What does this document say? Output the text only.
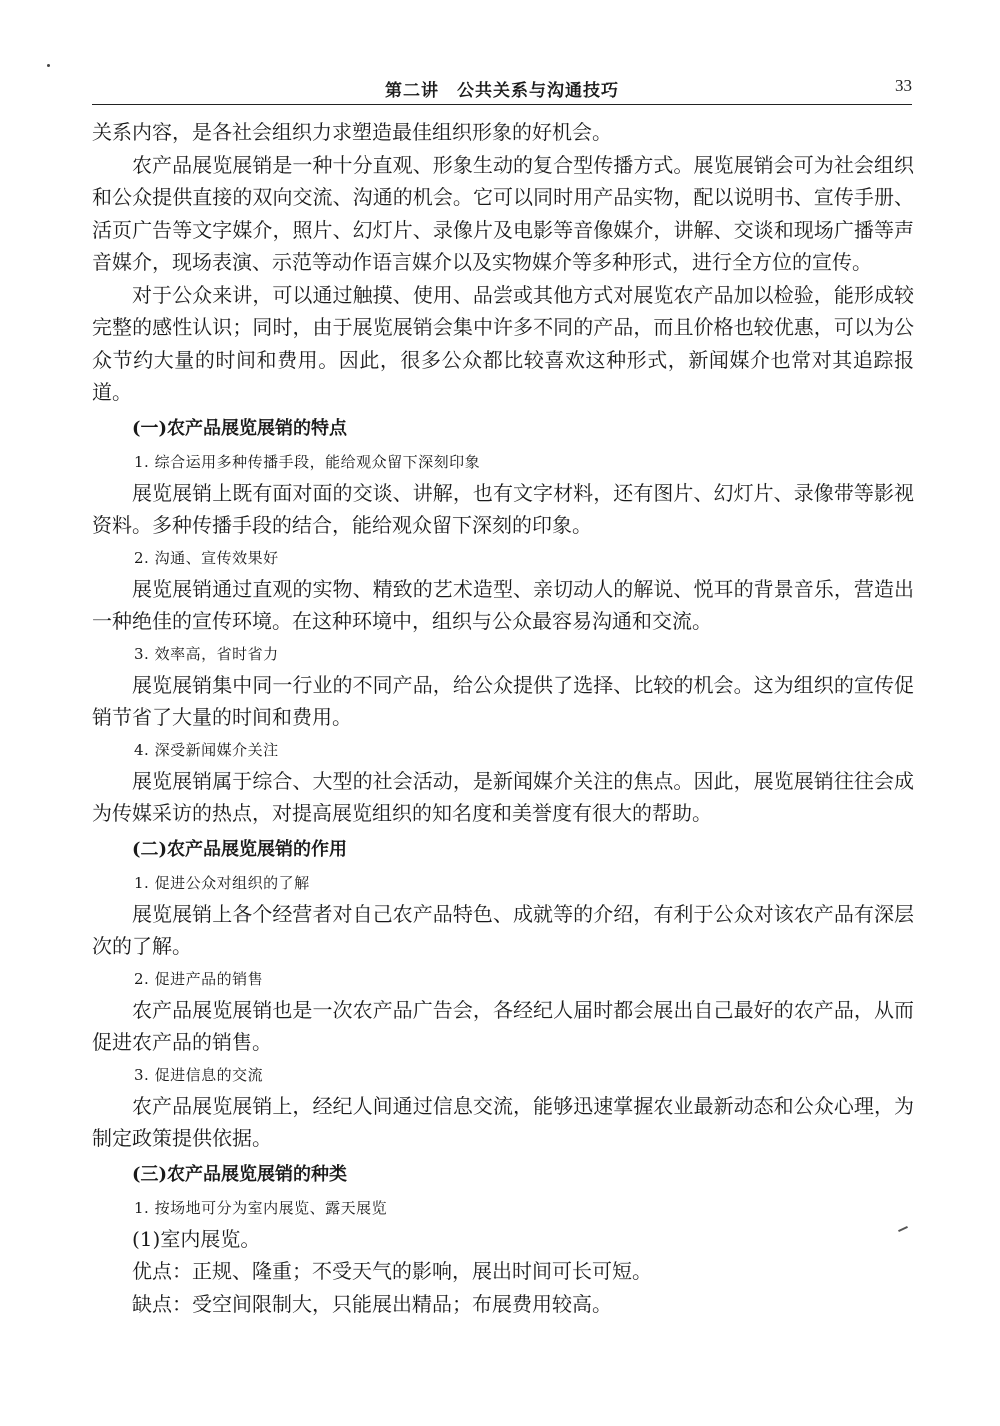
第二讲　公共关系与沟通技巧	33

关系内容，是各社会组织力求塑造最佳组织形象的好机会。

农产品展览展销是一种十分直观、形象生动的复合型传播方式。展览展销会可为社会组织和公众提供直接的双向交流、沟通的机会。它可以同时用产品实物，配以说明书、宣传手册、活页广告等文字媒介，照片、幻灯片、录像片及电影等音像媒介，讲解、交谈和现场广播等声音媒介，现场表演、示范等动作语言媒介以及实物媒介等多种形式，进行全方位的宣传。

对于公众来讲，可以通过触摸、使用、品尝或其他方式对展览农产品加以检验，能形成较完整的感性认识；同时，由于展览展销会集中许多不同的产品，而且价格也较优惠，可以为公众节约大量的时间和费用。因此，很多公众都比较喜欢这种形式，新闻媒介也常对其追踪报道。

(一)农产品展览展销的特点
1. 综合运用多种传播手段，能给观众留下深刻印象

展览展销上既有面对面的交谈、讲解，也有文字材料，还有图片、幻灯片、录像带等影视资料。多种传播手段的结合，能给观众留下深刻的印象。

2. 沟通、宣传效果好

展览展销通过直观的实物、精致的艺术造型、亲切动人的解说、悦耳的背景音乐，营造出一种绝佳的宣传环境。在这种环境中，组织与公众最容易沟通和交流。

3. 效率高，省时省力

展览展销集中同一行业的不同产品，给公众提供了选择、比较的机会。这为组织的宣传促销节省了大量的时间和费用。

4. 深受新闻媒介关注

展览展销属于综合、大型的社会活动，是新闻媒介关注的焦点。因此，展览展销往往会成为传媒采访的热点，对提高展览组织的知名度和美誉度有很大的帮助。

(二)农产品展览展销的作用
1. 促进公众对组织的了解

展览展销上各个经营者对自己农产品特色、成就等的介绍，有利于公众对该农产品有深层次的了解。

2. 促进产品的销售

农产品展览展销也是一次农产品广告会，各经纪人届时都会展出自己最好的农产品，从而促进农产品的销售。

3. 促进信息的交流

农产品展览展销上，经纪人间通过信息交流，能够迅速掌握农业最新动态和公众心理，为制定政策提供依据。

(三)农产品展览展销的种类
1. 按场地可分为室内展览、露天展览

(1)室内展览。

优点：正规、隆重；不受天气的影响，展出时间可长可短。

缺点：受空间限制大，只能展出精品；布展费用较高。
